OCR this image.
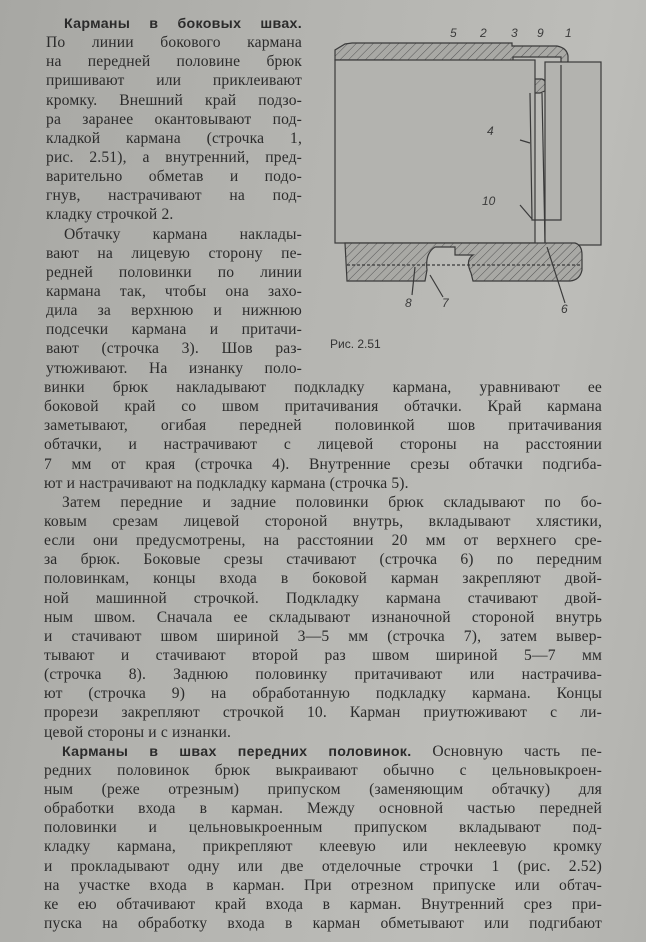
Карманы в боковых швах.
По линии бокового кармана
на передней половине брюк
пришивают или приклеивают
кромку. Внешний край подзо-
ра заранее окантовывают под-
кладкой кармана (строчка 1,
рис. 2.51), а внутренний, пред-
варительно обметав и подо-
гнув, настрачивают на под-
кладку строчкой 2.
Обтачку кармана наклады-
вают на лицевую сторону пе-
редней половинки по линии
кармана так, чтобы она захо-
дила за верхнюю и нижнюю
подсечки кармана и притачи-
вают (строчка 3). Шов раз-
утюживают. На изнанку поло-
винки брюк накладывают подкладку кармана, уравнивают ее
боковой край со швом притачивания обтачки. Край кармана
заметывают, огибая передней половинкой шов притачивания
обтачки, и настрачивают с лицевой стороны на расстоянии
7 мм от края (строчка 4). Внутренние срезы обтачки подгиба-
ют и настрачивают на подкладку кармана (строчка 5).
Затем передние и задние половинки брюк складывают по бо-
ковым срезам лицевой стороной внутрь, вкладывают хлястики,
если они предусмотрены, на расстоянии 20 мм от верхнего сре-
за брюк. Боковые срезы стачивают (строчка 6) по передним
половинкам, концы входа в боковой карман закрепляют двой-
ной машинной строчкой. Подкладку кармана стачивают двой-
ным швом. Сначала ее складывают изнаночной стороной внутрь
и стачивают швом шириной 3—5 мм (строчка 7), затем вывер-
тывают и стачивают второй раз швом шириной 5—7 мм
(строчка 8). Заднюю половинку притачивают или настрачива-
ют (строчка 9) на обработанную подкладку кармана. Концы
прорези закрепляют строчкой 10. Карман приутюживают с ли-
цевой стороны и с изнанки.
Карманы в швах передних половинок. Основную часть пе-
редних половинок брюк выкраивают обычно с цельновыкроен-
ным (реже отрезным) припуском (заменяющим обтачку) для
обработки входа в карман. Между основной частью передней
половинки и цельновыкроенным припуском вкладывают под-
кладку кармана, прикрепляют клеевую или неклеевую кромку
и прокладывают одну или две отделочные строчки 1 (рис. 2.52)
на участке входа в карман. При отрезном припуске или обтач-
ке ею обтачивают край входа в карман. Внутренний срез при-
пуска на обработку входа в карман обметывают или подгибают
5 2 3 9 1
4
10
8	7	6
Рис. 2.51
